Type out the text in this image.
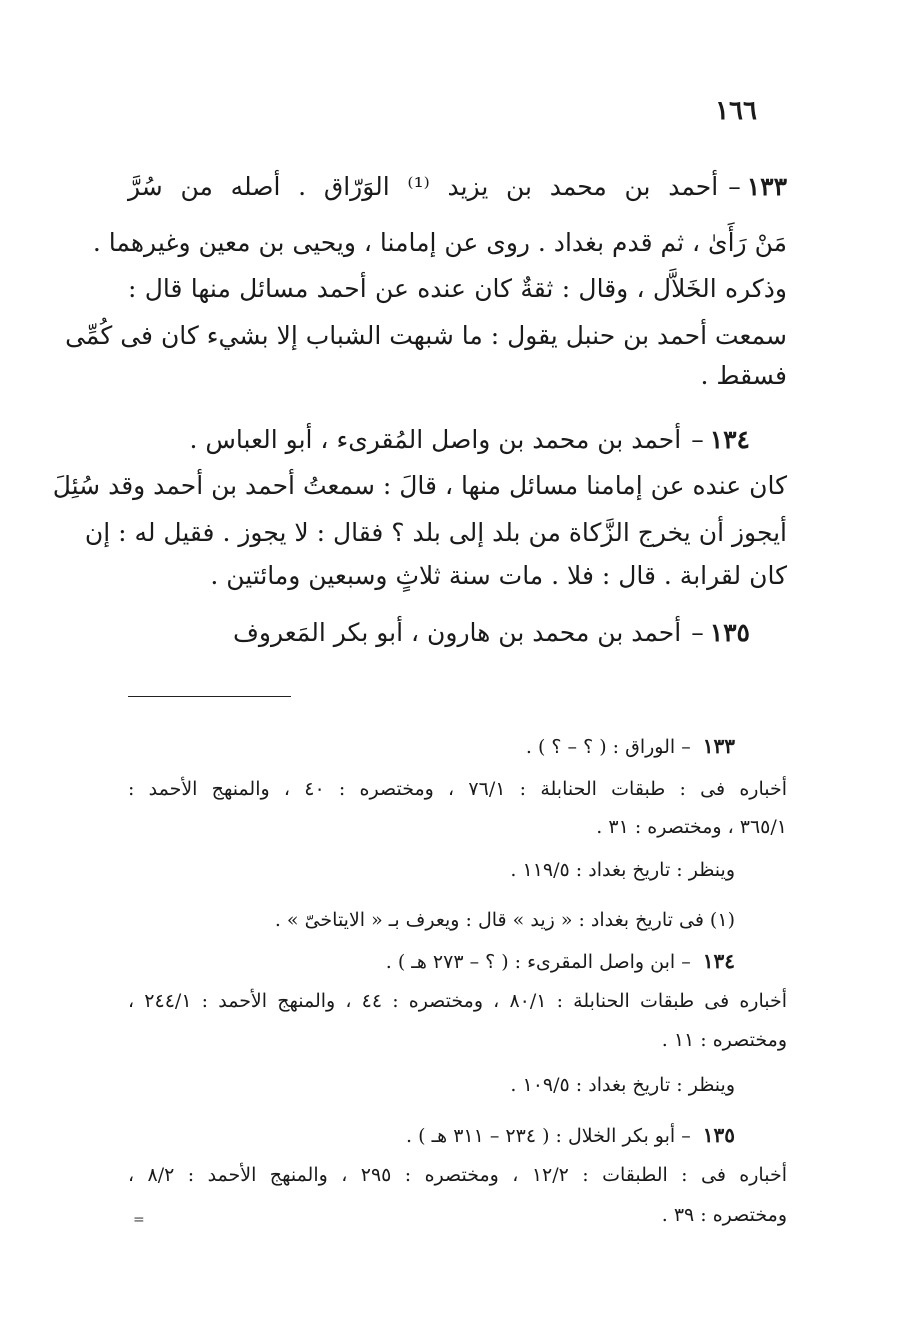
١٦٦
١٣٣–أحمد بن محمد بن يزيد ⁽¹⁾ الوَرّاق . أصله من سُرَّ
مَنْ رَأَىٰ ، ثم قدم بغداد . روى عن إمامنا ، ويحيى بن معين وغيرهما .
وذكره الخَلاَّل ، وقال : ثقةٌ كان عنده عن أحمد مسائل منها قال :
سمعت أحمد بن حنبل يقول : ما شبهت الشباب إلا بشيء كان فى كُمِّى
فسقط .
١٣٤–أحمد بن محمد بن واصل المُقرىء ، أبو العباس .
كان عنده عن إمامنا مسائل منها ، قالَ : سمعتُ أحمد بن أحمد وقد سُئِلَ
أيجوز أن يخرج الزَّكاة من بلد إلى بلد ؟ فقال : لا يجوز . فقيل له : إن
كان لقرابة . قال : فلا . مات سنة ثلاثٍ وسبعين ومائتين .
١٣٥–أحمد بن محمد بن هارون ، أبو بكر المَعروف
١٣٣ – الوراق : ( ؟ – ؟ ) .
أخباره فى : طبقات الحنابلة : ٧٦/١ ، ومختصره : ٤٠ ، والمنهج الأحمد :
٣٦٥/١ ، ومختصره : ٣١ .
وينظر : تاريخ بغداد : ١١٩/٥ .
(١) فى تاريخ بغداد : « زيد » قال : ويعرف بـ « الايتاخىّ » .
١٣٤ – ابن واصل المقرىء : ( ؟ – ٢٧٣ هـ ) .
أخباره فى طبقات الحنابلة : ٨٠/١ ، ومختصره : ٤٤ ، والمنهج الأحمد : ٢٤٤/١ ،
ومختصره : ١١ .
وينظر : تاريخ بغداد : ١٠٩/٥ .
١٣٥ – أبو بكر الخلال : ( ٢٣٤ – ٣١١ هـ ) .
أخباره فى : الطبقات : ١٢/٢ ، ومختصره : ٢٩٥ ، والمنهج الأحمد : ٨/٢ ،
ومختصره : ٣٩ .
=
